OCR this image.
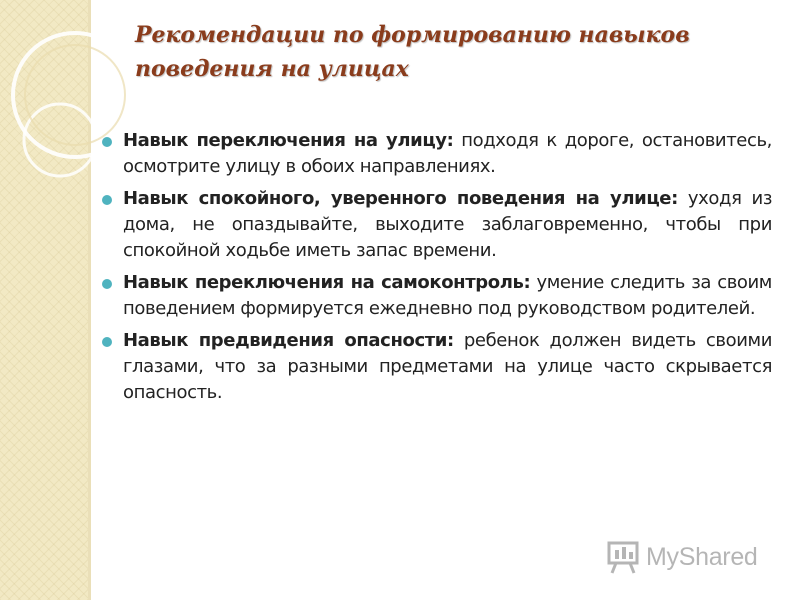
Рекомендации по формированию навыков поведения на улицах
Навык переключения на улицу: подходя к дороге, остановитесь, осмотрите улицу в обоих направлениях.
Навык спокойного, уверенного поведения на улице: уходя из дома, не опаздывайте, выходите заблаговременно, чтобы при спокойной ходьбе иметь запас времени.
Навык переключения на самоконтроль: умение следить за своим поведением формируется ежедневно под руководством родителей.
Навык предвидения опасности: ребенок должен видеть своими глазами, что за разными предметами на улице часто скрывается опасность.
MyShared
